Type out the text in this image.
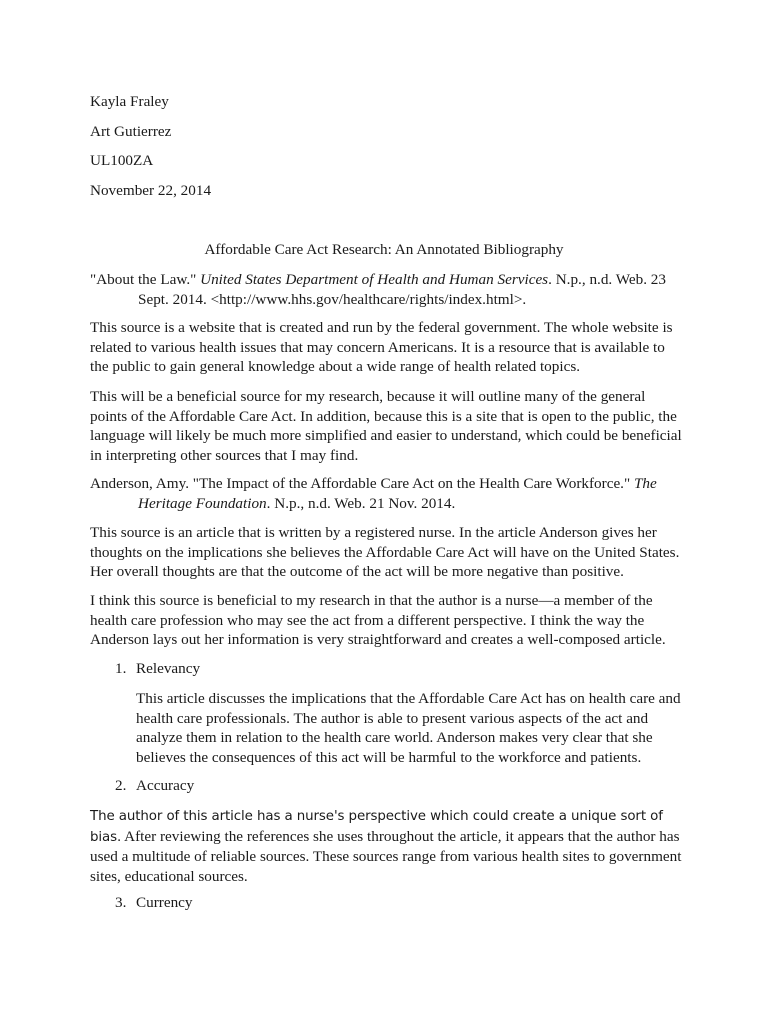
Kayla Fraley
Art Gutierrez
UL100ZA
November 22, 2014
Affordable Care Act Research: An Annotated Bibliography
"About the Law." United States Department of Health and Human Services. N.p., n.d. Web. 23 Sept. 2014. <http://www.hhs.gov/healthcare/rights/index.html>.
This source is a website that is created and run by the federal government. The whole website is related to various health issues that may concern Americans. It is a resource that is available to the public to gain general knowledge about a wide range of health related topics.
This will be a beneficial source for my research, because it will outline many of the general points of the Affordable Care Act. In addition, because this is a site that is open to the public, the language will likely be much more simplified and easier to understand, which could be beneficial in interpreting other sources that I may find.
Anderson, Amy. "The Impact of the Affordable Care Act on the Health Care Workforce." The Heritage Foundation. N.p., n.d. Web. 21 Nov. 2014.
This source is an article that is written by a registered nurse. In the article Anderson gives her thoughts on the implications she believes the Affordable Care Act will have on the United States. Her overall thoughts are that the outcome of the act will be more negative than positive.
I think this source is beneficial to my research in that the author is a nurse—a member of the health care profession who may see the act from a different perspective. I think the way the Anderson lays out her information is very straightforward and creates a well-composed article.
1. Relevancy
This article discusses the implications that the Affordable Care Act has on health care and health care professionals. The author is able to present various aspects of the act and analyze them in relation to the health care world. Anderson makes very clear that she believes the consequences of this act will be harmful to the workforce and patients.
2. Accuracy
The author of this article has a nurse's perspective which could create a unique sort of bias. After reviewing the references she uses throughout the article, it appears that the author has used a multitude of reliable sources. These sources range from various health sites to government sites, educational sources.
3. Currency
